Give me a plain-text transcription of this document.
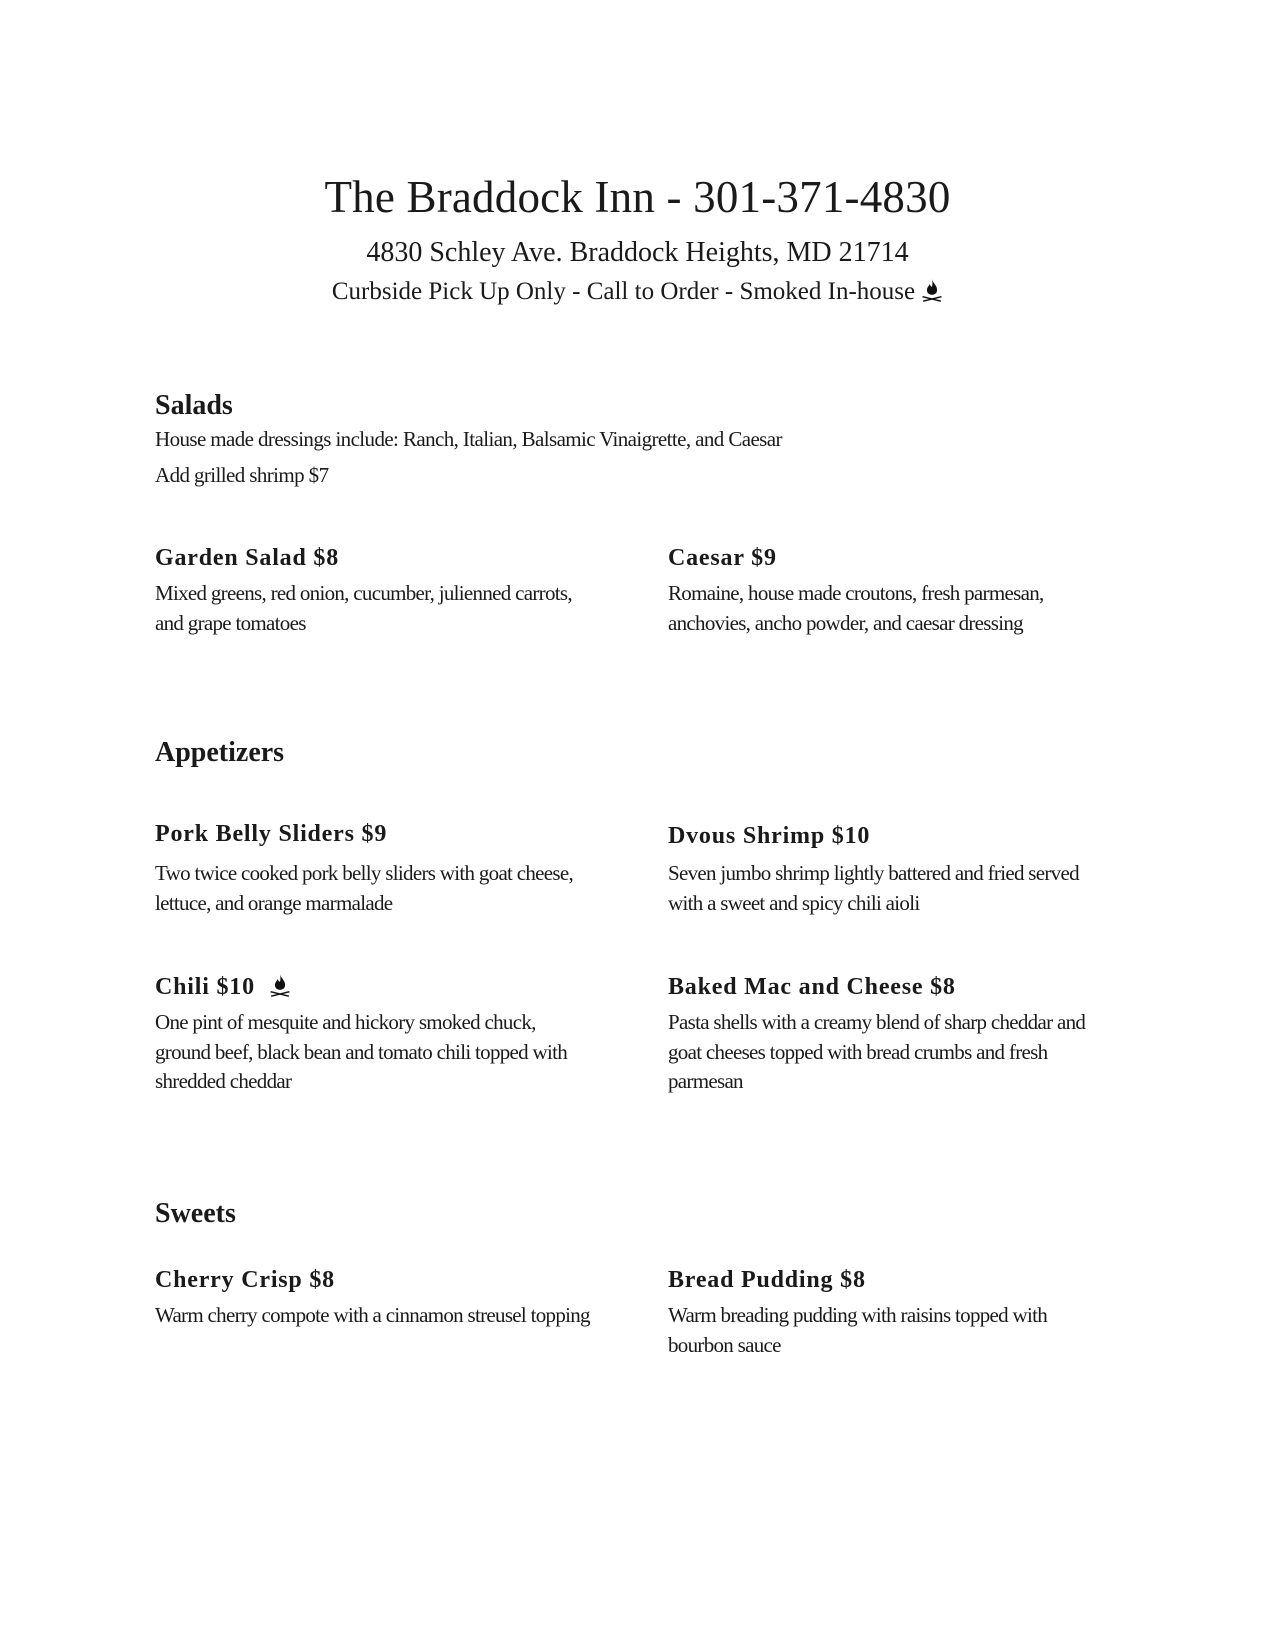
The Braddock Inn - 301-371-4830

4830 Schley Ave. Braddock Heights, MD 21714

Curbside Pick Up Only - Call to Order - Smoked In-house

Salads

House made dressings include: Ranch, Italian, Balsamic Vinaigrette, and Caesar

Add grilled shrimp $7

Garden Salad $8

Mixed greens, red onion, cucumber, julienned carrots, and grape tomatoes

Caesar $9

Romaine, house made croutons, fresh parmesan, anchovies, ancho powder, and caesar dressing

Appetizers
Pork Belly Sliders $9

Two twice cooked pork belly sliders with goat cheese, lettuce, and orange marmalade

Dvous Shrimp $10

Seven jumbo shrimp lightly battered and fried served with a sweet and spicy chili aioli

Chili $10

One pint of mesquite and hickory smoked chuck, ground beef, black bean and tomato chili topped with shredded cheddar

Baked Mac and Cheese $8

Pasta shells with a creamy blend of sharp cheddar and goat cheeses topped with bread crumbs and fresh parmesan

Sweets
Cherry Crisp $8

Warm cherry compote with a cinnamon streusel topping

Bread Pudding $8

Warm breading pudding with raisins topped with bourbon sauce
